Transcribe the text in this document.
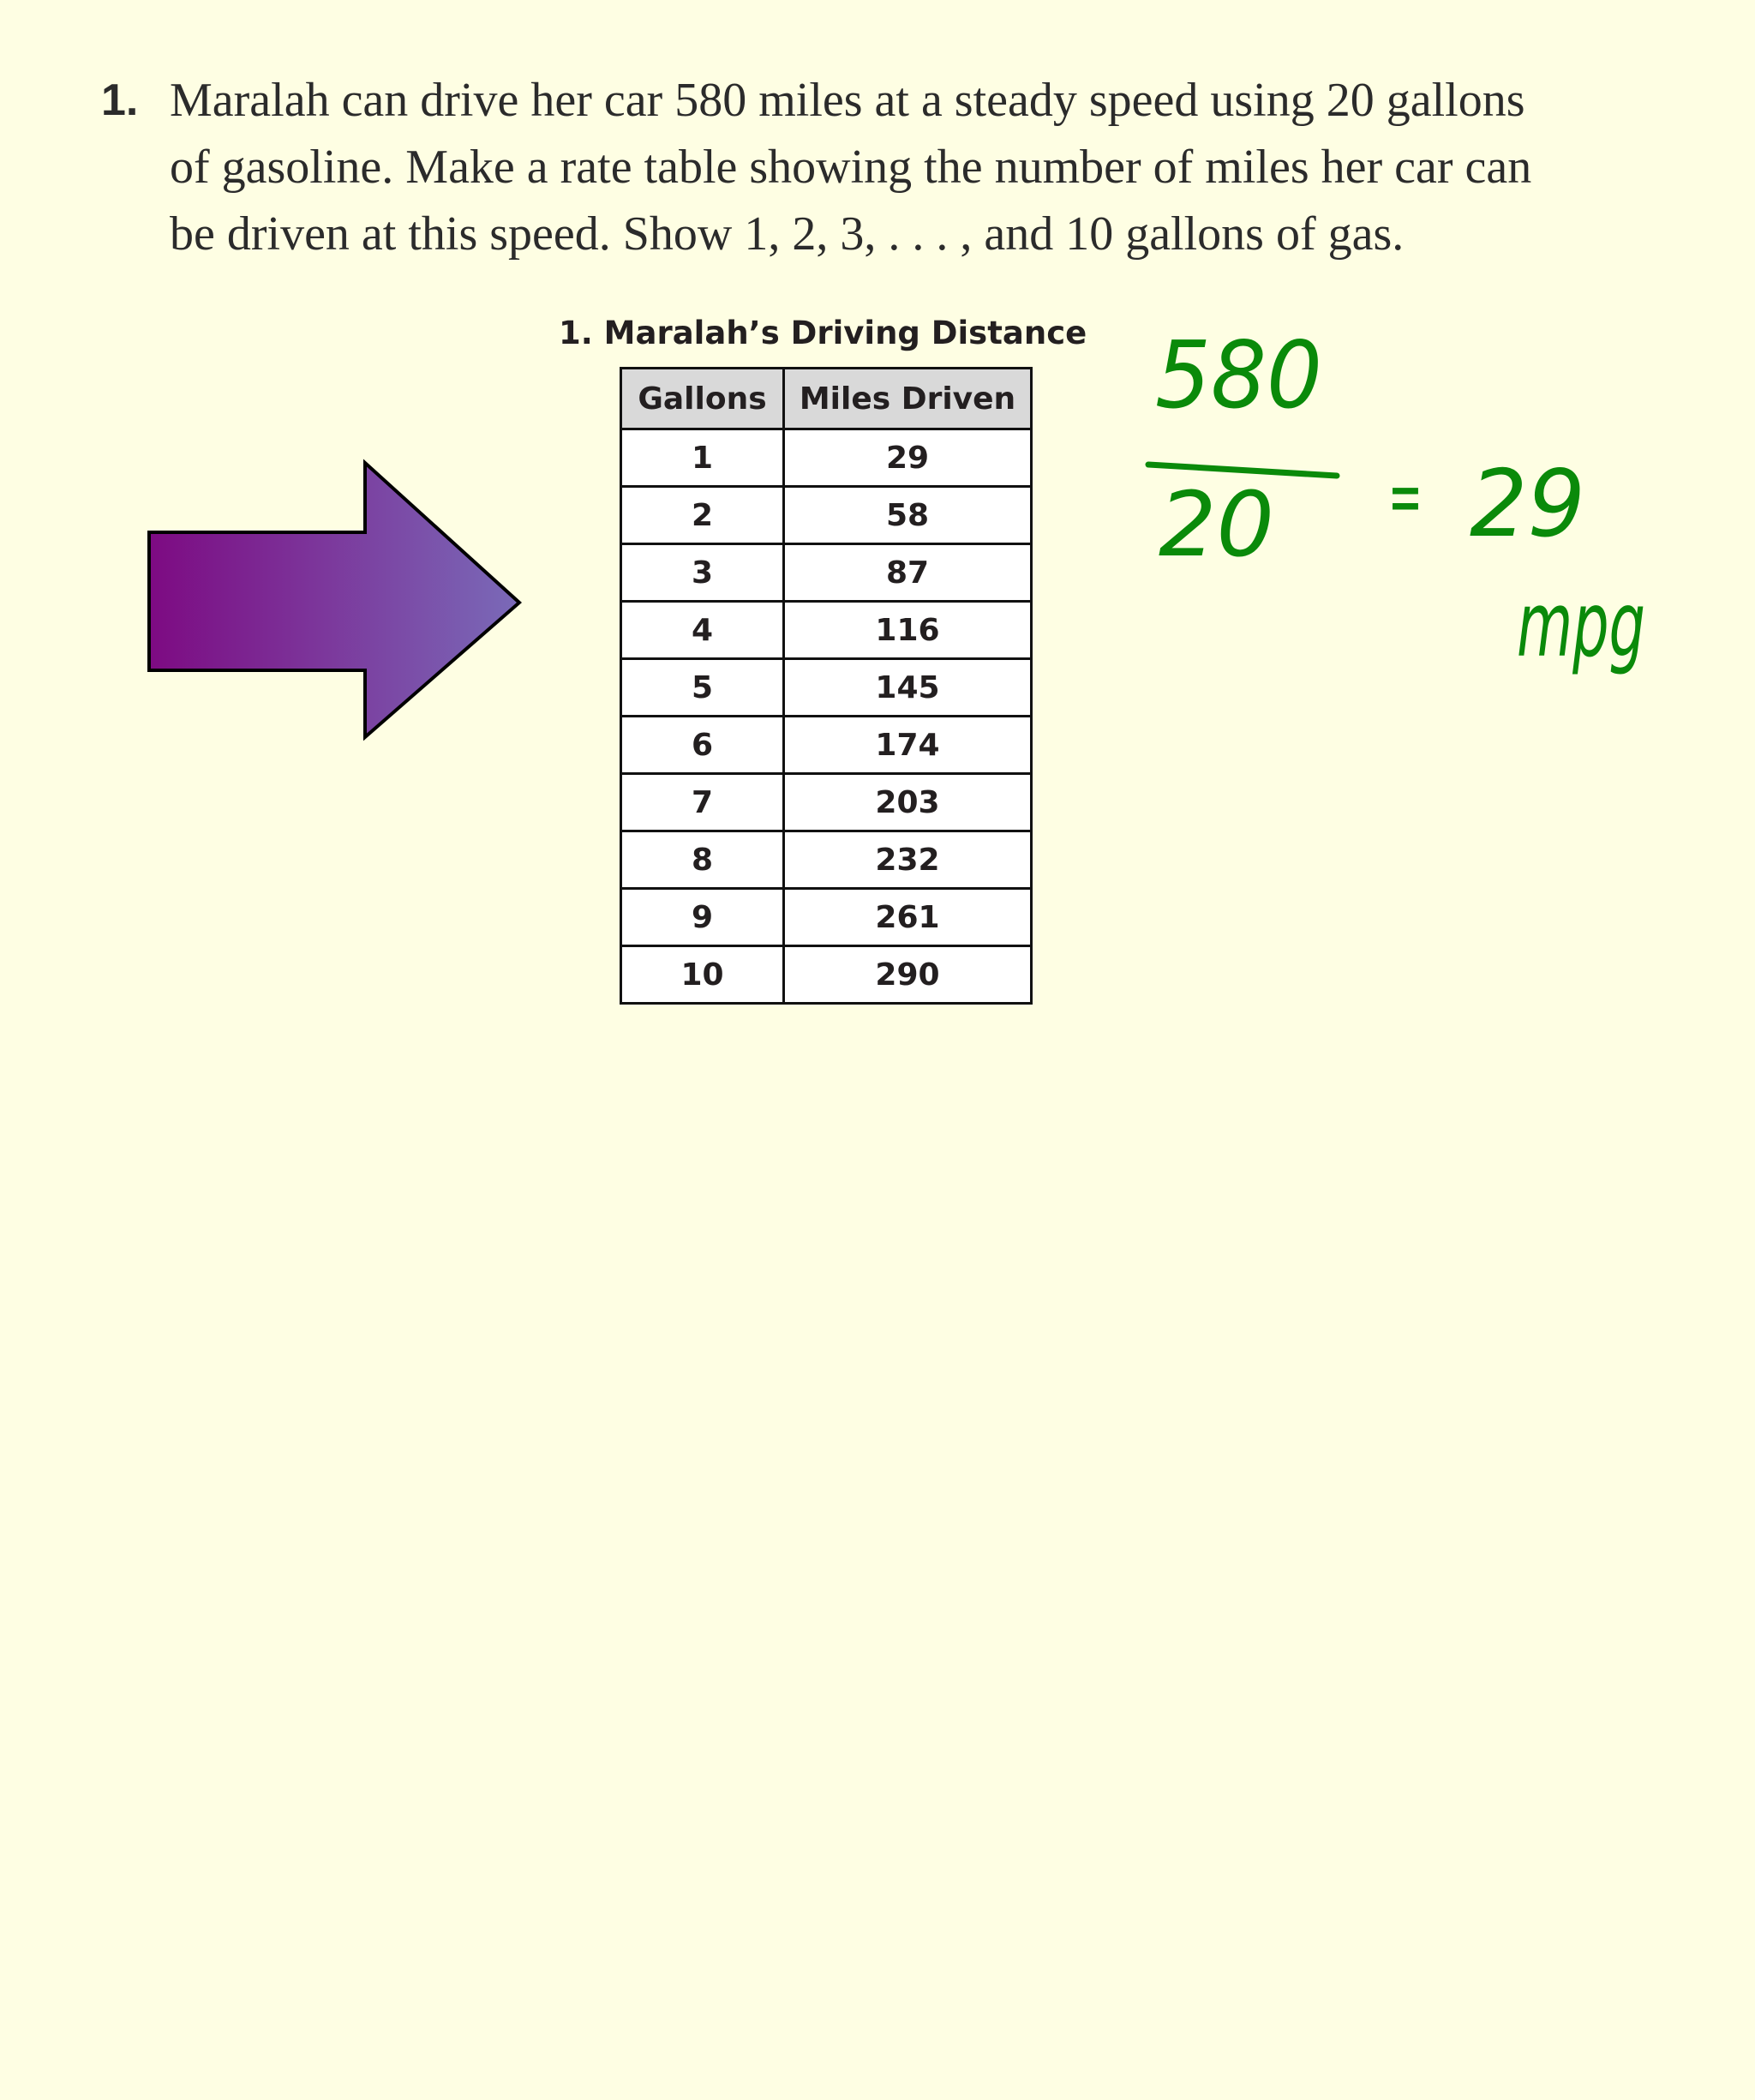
1. Maralah can drive her car 580 miles at a steady speed using 20 gallons
of gasoline. Make a rate table showing the number of miles her car can
be driven at this speed. Show 1, 2, 3, . . . , and 10 gallons of gas.
1. Maralah’s Driving Distance
Gallons	Miles Driven
1	29
2	58
3	87
4	116
5	145
6	174
7	203
8	232
9	261
10	290
580
20 = 29
mpg
